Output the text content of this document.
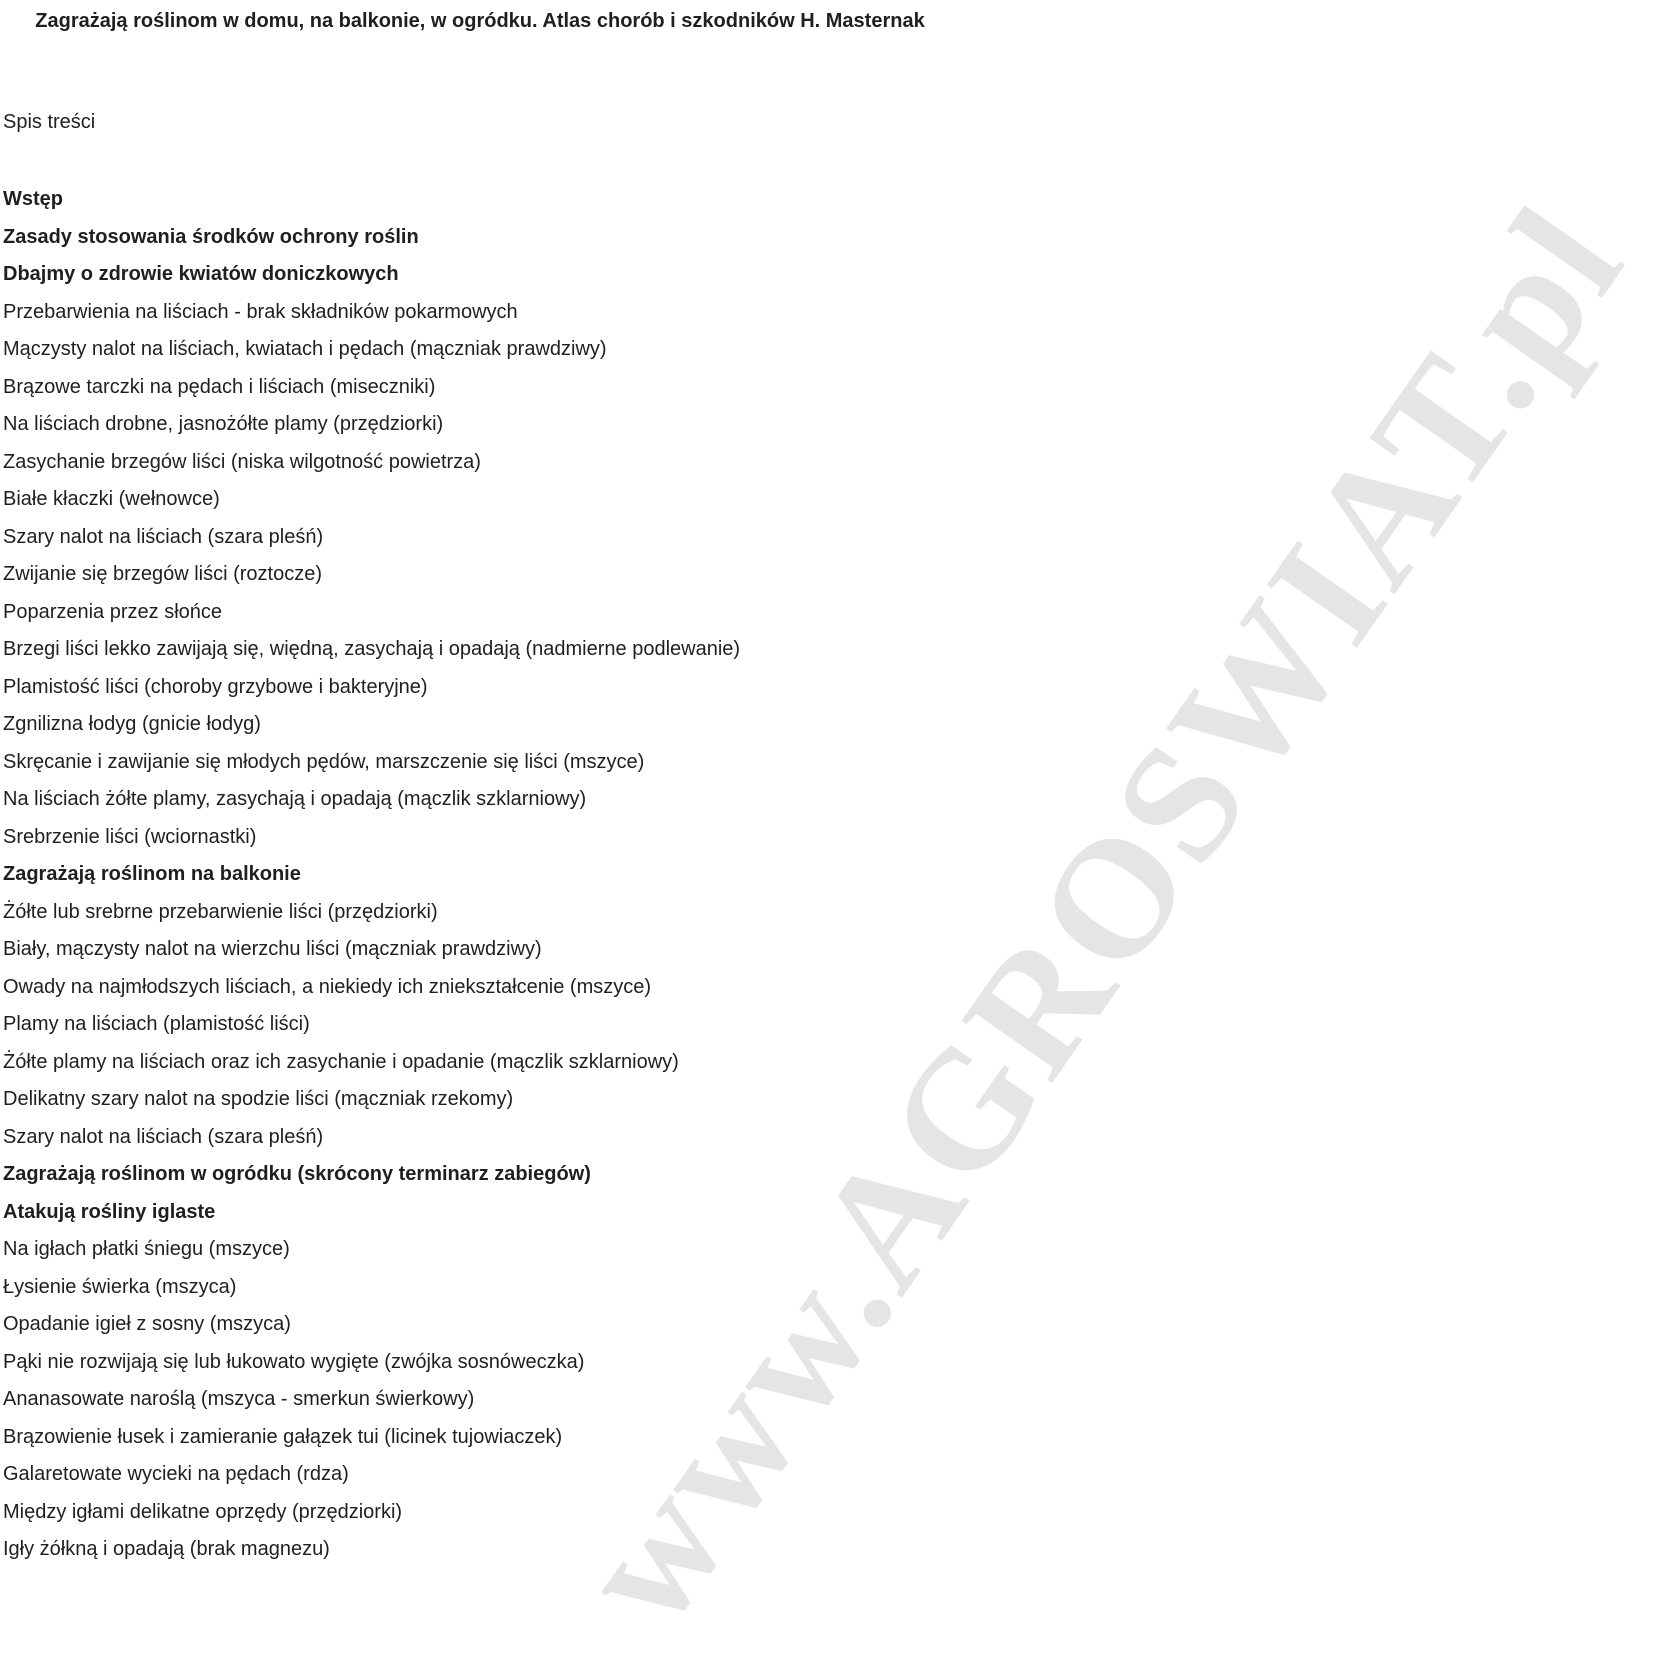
www.AGROSWIAT.pl
Zagrażają roślinom w domu, na balkonie, w ogródku. Atlas chorób i szkodników H. Masternak
Spis treści
Wstęp
Zasady stosowania środków ochrony roślin
Dbajmy o zdrowie kwiatów doniczkowych
Przebarwienia na liściach - brak składników pokarmowych
Mączysty nalot na liściach, kwiatach i pędach (mączniak prawdziwy)
Brązowe tarczki na pędach i liściach (miseczniki)
Na liściach drobne, jasnożółte plamy (przędziorki)
Zasychanie brzegów liści (niska wilgotność powietrza)
Białe kłaczki (wełnowce)
Szary nalot na liściach (szara pleśń)
Zwijanie się brzegów liści (roztocze)
Poparzenia przez słońce
Brzegi liści lekko zawijają się, więdną, zasychają i opadają (nadmierne podlewanie)
Plamistość liści (choroby grzybowe i bakteryjne)
Zgnilizna łodyg (gnicie łodyg)
Skręcanie i zawijanie się młodych pędów, marszczenie się liści (mszyce)
Na liściach żółte plamy, zasychają i opadają (mączlik szklarniowy)
Srebrzenie liści (wciornastki)
Zagrażają roślinom na balkonie
Żółte lub srebrne przebarwienie liści (przędziorki)
Biały, mączysty nalot na wierzchu liści (mączniak prawdziwy)
Owady na najmłodszych liściach, a niekiedy ich zniekształcenie (mszyce)
Plamy na liściach (plamistość liści)
Żółte plamy na liściach oraz ich zasychanie i opadanie (mączlik szklarniowy)
Delikatny szary nalot na spodzie liści (mączniak rzekomy)
Szary nalot na liściach (szara pleśń)
Zagrażają roślinom w ogródku (skrócony terminarz zabiegów)
Atakują rośliny iglaste
Na igłach płatki śniegu (mszyce)
Łysienie świerka (mszyca)
Opadanie igieł z sosny (mszyca)
Pąki nie rozwijają się lub łukowato wygięte (zwójka sosnóweczka)
Ananasowate naroślą (mszyca - smerkun świerkowy)
Brązowienie łusek i zamieranie gałązek tui (licinek tujowiaczek)
Galaretowate wycieki na pędach (rdza)
Między igłami delikatne oprzędy (przędziorki)
Igły żółkną i opadają (brak magnezu)
